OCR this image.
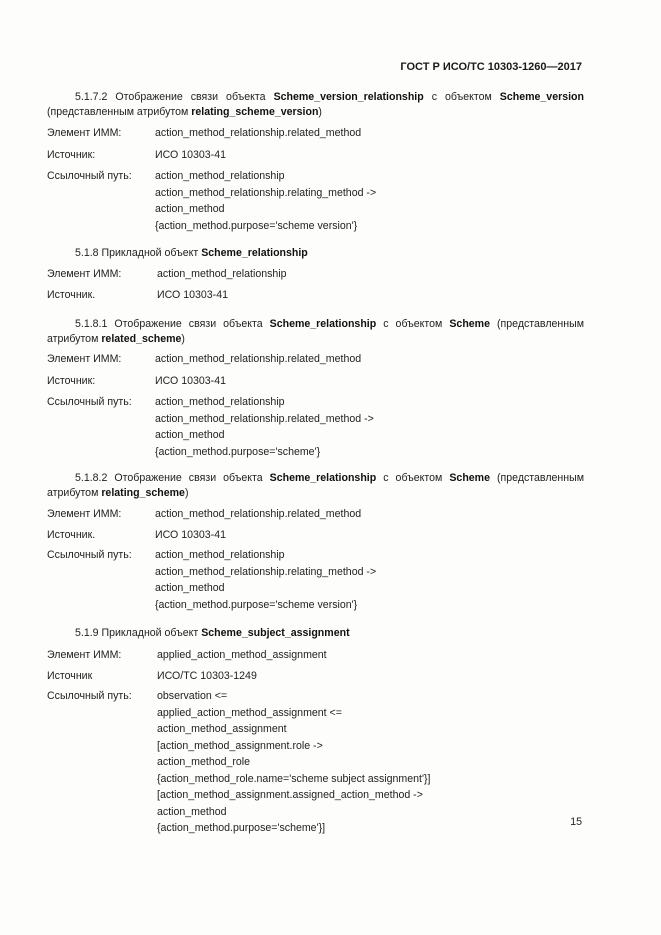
ГОСТ Р ИСО/ТС 10303-1260—2017

5.1.7.2 Отображение связи объекта Scheme_version_relationship с объектом Scheme_version (представленным атрибутом relating_scheme_version)

Элемент ИММ:	action_method_relationship.related_method
Источник:	ИСО 10303-41
Ссылочный путь: action_method_relationship
action_method_relationship.relating_method ->
action_method
{action_method.purpose='scheme version'}

5.1.8 Прикладной объект Scheme_relationship

Элемент ИММ:	action_method_relationship
Источник.	ИСО 10303-41

5.1.8.1 Отображение связи объекта Scheme_relationship с объектом Scheme (представленным атрибутом related_scheme)

Элемент ИММ:	action_method_relationship.related_method
Источник:	ИСО 10303-41
Ссылочный путь: action_method_relationship
action_method_relationship.related_method ->
action_method
{action_method.purpose='scheme'}

5.1.8.2 Отображение связи объекта Scheme_relationship с объектом Scheme (представленным атрибутом relating_scheme)

Элемент ИММ:	action_method_relationship.related_method
Источник.	ИСО 10303-41
Ссылочный путь: action_method_relationship
action_method_relationship.relating_method ->
action_method
{action_method.purpose='scheme version'}

5.1.9 Прикладной объект Scheme_subject_assignment

Элемент ИММ:	applied_action_method_assignment
Источник	ИСО/ТС 10303-1249
Ссылочный путь: observation <=
applied_action_method_assignment <=
action_method_assignment
[action_method_assignment.role ->
action_method_role
{action_method_role.name='scheme subject assignment'}]
[action_method_assignment.assigned_action_method ->
action_method
{action_method.purpose='scheme'}]	15
